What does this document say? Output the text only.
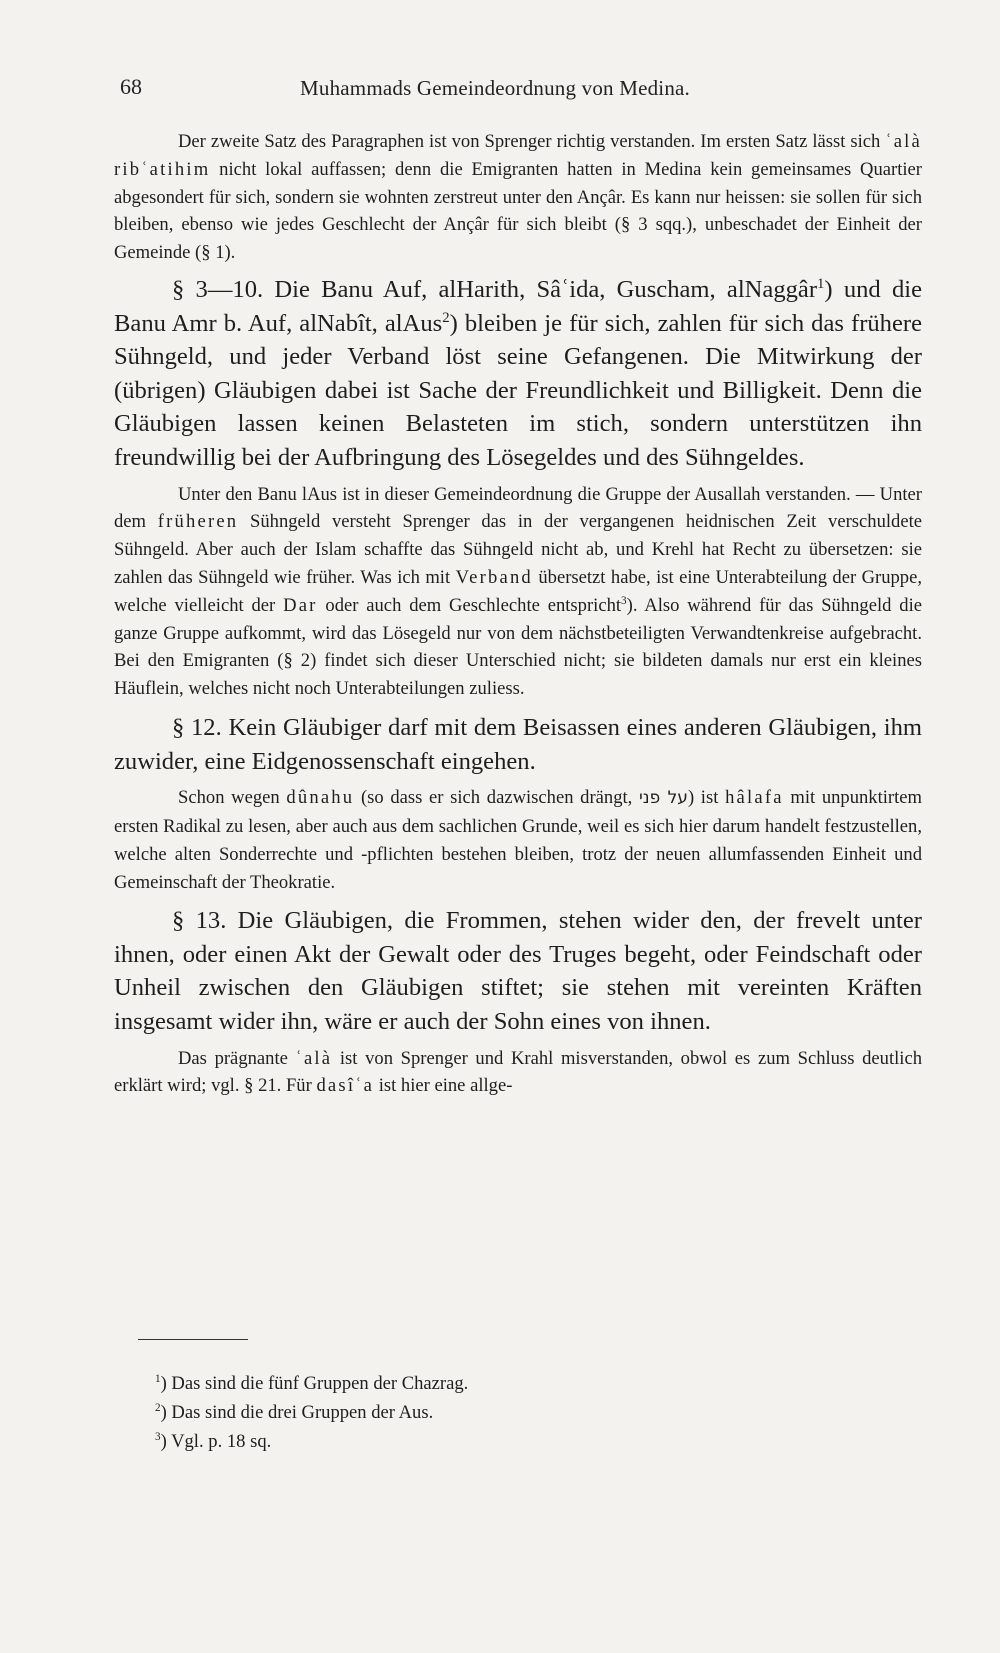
68	Muhammads Gemeindeordnung von Medina.

Der zweite Satz des Paragraphen ist von Sprenger richtig verstanden. Im ersten Satz lässt sich ʿalà ribʿatihim nicht lokal auffassen; denn die Emigranten hatten in Medina kein gemeinsames Quartier abgesondert für sich, sondern sie wohnten zerstreut unter den Ançâr. Es kann nur heissen: sie sollen für sich bleiben, ebenso wie jedes Geschlecht der Ançâr für sich bleibt (§ 3 sqq.), unbeschadet der Einheit der Gemeinde (§ 1).

§ 3—10. Die Banu Auf, alHarith, Sâʿida, Guscham, alNaggâr$^1$) und die Banu Amr b. Auf, alNabît, alAus$^2$) bleiben je für sich, zahlen für sich das frühere Sühngeld, und jeder Verband löst seine Gefangenen. Die Mitwirkung der (übrigen) Gläubigen dabei ist Sache der Freundlichkeit und Billigkeit. Denn die Gläubigen lassen keinen Belasteten im stich, sondern unterstützen ihn freundwillig bei der Aufbringung des Lösegeldes und des Sühngeldes.

Unter den Banu lAus ist in dieser Gemeindeordnung die Gruppe der Ausallah verstanden. — Unter dem früheren Sühngeld versteht Sprenger das in der vergangenen heidnischen Zeit verschuldete Sühngeld. Aber auch der Islam schaffte das Sühngeld nicht ab, und Krehl hat Recht zu übersetzen: sie zahlen das Sühngeld wie früher. Was ich mit Verband übersetzt habe, ist eine Unterabteilung der Gruppe, welche vielleicht der Dar oder auch dem Geschlechte entspricht$^3$). Also während für das Sühngeld die ganze Gruppe aufkommt, wird das Lösegeld nur von dem nächstbeteiligten Verwandtenkreise aufgebracht. Bei den Emigranten (§ 2) findet sich dieser Unterschied nicht; sie bildeten damals nur erst ein kleines Häuflein, welches nicht noch Unterabteilungen zuliess.

§ 12. Kein Gläubiger darf mit dem Beisassen eines anderen Gläubigen, ihm zuwider, eine Eidgenossenschaft eingehen.

Schon wegen dûnahu (so dass er sich dazwischen drängt, על פני) ist hâlafa mit unpunktirtem ersten Radikal zu lesen, aber auch aus dem sachlichen Grunde, weil es sich hier darum handelt festzustellen, welche alten Sonderrechte und -pflichten bestehen bleiben, trotz der neuen allumfassenden Einheit und Gemeinschaft der Theokratie.

§ 13. Die Gläubigen, die Frommen, stehen wider den, der frevelt unter ihnen, oder einen Akt der Gewalt oder des Truges begeht, oder Feindschaft oder Unheil zwischen den Gläubigen stiftet; sie stehen mit vereinten Kräften insgesamt wider ihn, wäre er auch der Sohn eines von ihnen.

Das prägnante ʿalà ist von Sprenger und Krahl misverstanden, obwol es zum Schluss deutlich erklärt wird; vgl. § 21. Für dasîʿa ist hier eine allge-

$^1$) Das sind die fünf Gruppen der Chazrag.
$^2$) Das sind die drei Gruppen der Aus.
$^3$) Vgl. p. 18 sq.
